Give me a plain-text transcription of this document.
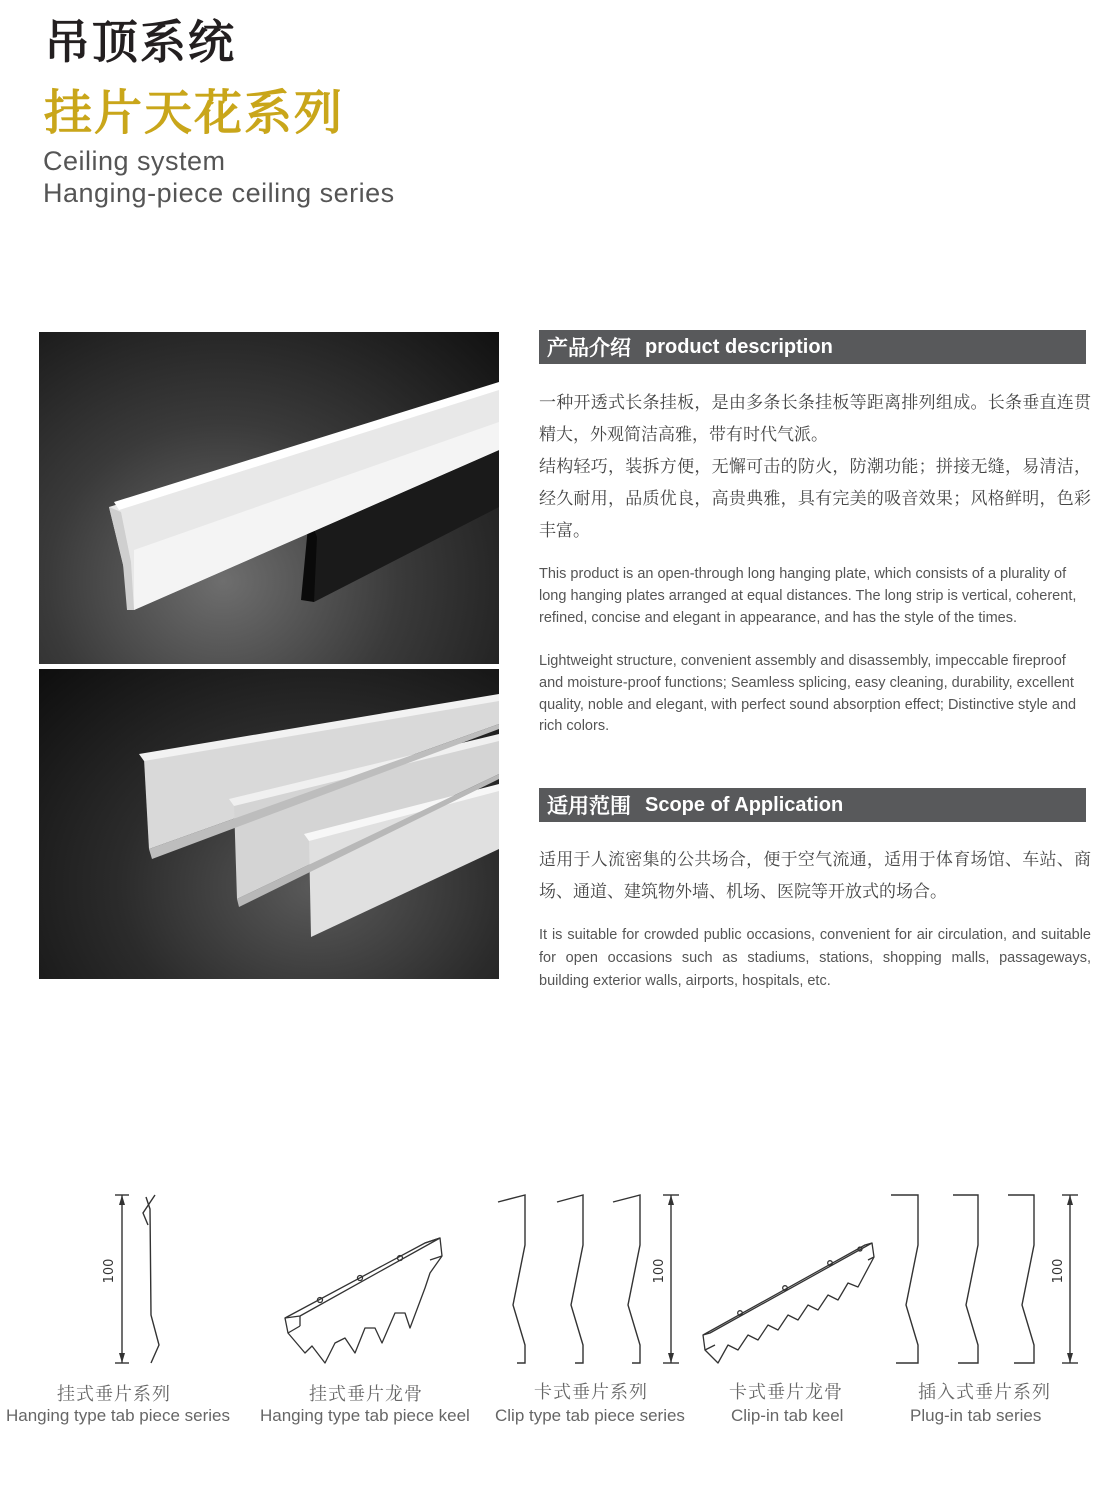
吊顶系统
挂片天花系列
Ceiling system
Hanging-piece ceiling series
产品介绍 product description
一种开透式长条挂板，是由多条长条挂板等距离排列组成。长条垂直连贯精大，外观简洁高雅，带有时代气派。
结构轻巧，装拆方便，无懈可击的防火，防潮功能；拼接无缝，易清洁，经久耐用，品质优良，高贵典雅，具有完美的吸音效果；风格鲜明，色彩丰富。
This product is an open-through long hanging plate, which consists of a plurality of long hanging plates arranged at equal distances. The long strip is vertical, coherent, refined, concise and elegant in appearance, and has the style of the times.
Lightweight structure, convenient assembly and disassembly, impeccable fireproof and moisture-proof functions; Seamless splicing, easy cleaning, durability, excellent quality, noble and elegant, with perfect sound absorption effect; Distinctive style and rich colors.
适用范围 Scope of Application
适用于人流密集的公共场合，便于空气流通，适用于体育场馆、车站、商场、通道、建筑物外墙、机场、医院等开放式的场合。
It is suitable for crowded public occasions, convenient for air circulation, and suitable for open occasions such as stadiums, stations, shopping malls, passageways, building exterior walls, airports, hospitals, etc.
100	100	100
挂式垂片系列
Hanging type tab piece series
挂式垂片龙骨
Hanging type tab piece keel
卡式垂片系列
Clip type tab piece series
卡式垂片龙骨
Clip-in tab keel
插入式垂片系列
Plug-in tab series
